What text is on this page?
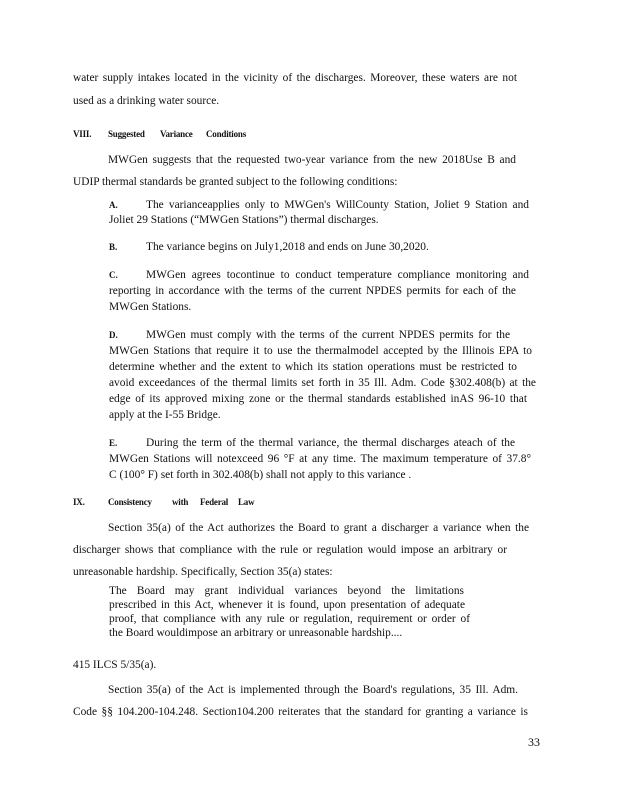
water supply intakes located in the vicinity of the discharges. Moreover, these waters are not
used as a drinking water source.
VIII. Suggested Variance Conditions
MWGen suggests that the requested two-year variance from the new 2018Use B and
UDIP thermal standards be granted subject to the following conditions:
A. The varianceapplies only to MWGen's WillCounty Station, Joliet 9 Station and
Joliet 29 Stations (“MWGen Stations”) thermal discharges.
B.	The variance begins on July1,2018 and ends on June 30,2020.
C. MWGen agrees tocontinue to conduct temperature compliance monitoring and
reporting in accordance with the terms of the current NPDES permits for each of the
MWGen Stations.
D. MWGen must comply with the terms of the current NPDES permits for the
MWGen Stations that require it to use the thermalmodel accepted by the Illinois EPA to
determine whether and the extent to which its station operations must be restricted to
avoid exceedances of the thermal limits set forth in 35 Ill. Adm. Code §302.408(b) at the
edge of its approved mixing zone or the thermal standards established inAS 96-10 that
apply at the I-55 Bridge.
E.	During the term of the thermal variance, the thermal discharges ateach of the
MWGen Stations will notexceed 96 °F at any time. The maximum temperature of 37.8°
C (100° F) set forth in 302.408(b) shall not apply to this variance .
IX.	Consistency with Federal Law
Section 35(a) of the Act authorizes the Board to grant a discharger a variance when the
discharger shows that compliance with the rule or regulation would impose an arbitrary or
unreasonable hardship. Specifically, Section 35(a) states:
The Board may grant individual variances beyond the limitations
prescribed in this Act, whenever it is found, upon presentation of adequate
proof, that compliance with any rule or regulation, requirement or order of
the Board wouldimpose an arbitrary or unreasonable hardship....
415 ILCS 5/35(a).
Section 35(a) of the Act is implemented through the Board's regulations, 35 Ill. Adm.
Code §§ 104.200-104.248. Section104.200 reiterates that the standard for granting a variance is
33
